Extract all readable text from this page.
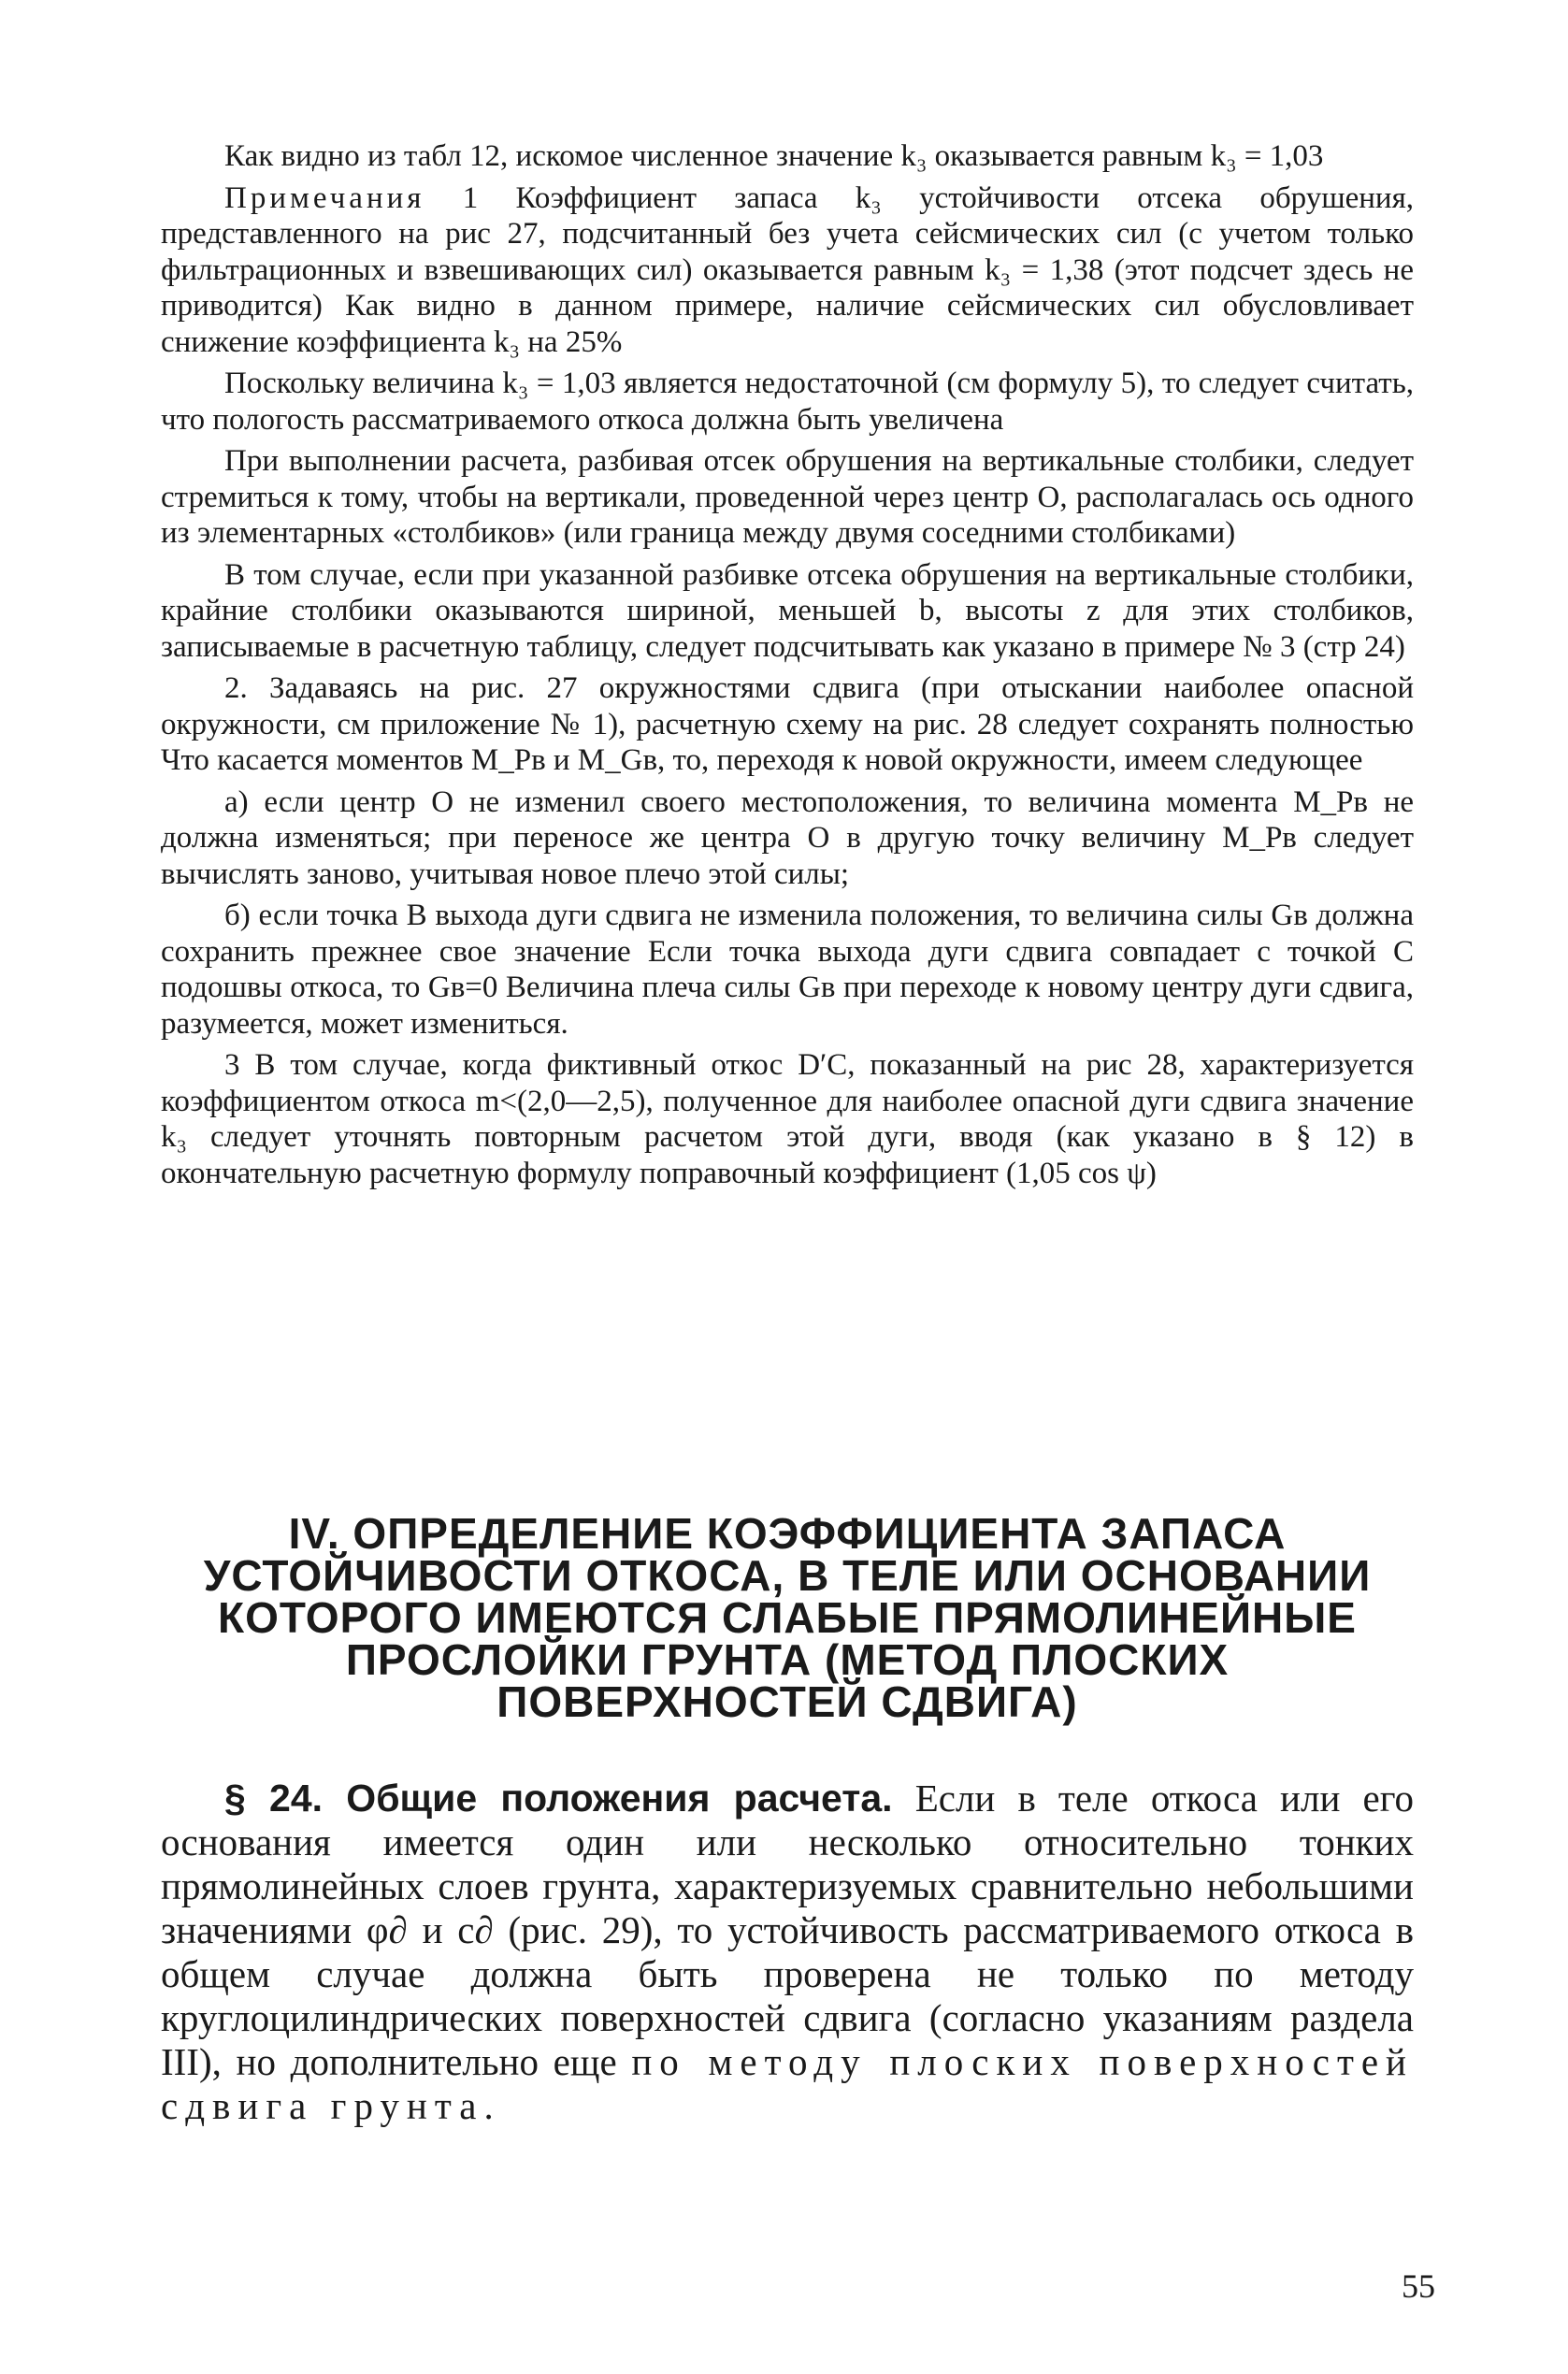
Как видно из табл 12, искомое численное значение k₃ оказывается равным k₃ = 1,03

Примечания 1 Коэффициент запаса k₃ устойчивости отсека обрушения, представленного на рис 27, подсчитанный без учета сейсмических сил (с учетом только фильтрационных и взвешивающих сил) оказывается равным k₃ = 1,38 (этот подсчет здесь не приводится) Как видно в данном примере, наличие сейсмических сил обусловливает снижение коэффициента k₃ на 25%

Поскольку величина k₃ = 1,03 является недостаточной (см формулу 5), то следует считать, что пологость рассматриваемого откоса должна быть увеличена

При выполнении расчета, разбивая отсек обрушения на вертикальные столбики, следует стремиться к тому, чтобы на вертикали, проведенной через центр O, располагалась ось одного из элементарных «столбиков» (или граница между двумя соседними столбиками)

В том случае, если при указанной разбивке отсека обрушения на вертикальные столбики, крайние столбики оказываются шириной, меньшей b, высоты z для этих столбиков, записываемые в расчетную таблицу, следует подсчитывать как указано в примере № 3 (стр 24)

2. Задаваясь на рис. 27 окружностями сдвига (при отыскании наиболее опасной окружности, см приложение № 1), расчетную схему на рис. 28 следует сохранять полностью Что касается моментов M_Pв и M_Gв, то, переходя к новой окружности, имеем следующее

а) если центр O не изменил своего местоположения, то величина момента M_Pв не должна изменяться; при переносе же центра O в другую точку величину M_Pв следует вычислять заново, учитывая новое плечо этой силы;

б) если точка B выхода дуги сдвига не изменила положения, то величина силы Gв должна сохранить прежнее свое значение Если точка выхода дуги сдвига совпадает с точкой C подошвы откоса, то Gв=0 Величина плеча силы Gв при переходе к новому центру дуги сдвига, разумеется, может измениться.

3 В том случае, когда фиктивный откос D′C, показанный на рис 28, характеризуется коэффициентом откоса m<(2,0—2,5), полученное для наиболее опасной дуги сдвига значение k₃ следует уточнять повторным расчетом этой дуги, вводя (как указано в § 12) в окончательную расчетную формулу поправочный коэффициент (1,05 cos ψ)

IV. ОПРЕДЕЛЕНИЕ КОЭФФИЦИЕНТА ЗАПАСА
УСТОЙЧИВОСТИ ОТКОСА, В ТЕЛЕ ИЛИ ОСНОВАНИИ
КОТОРОГО ИМЕЮТСЯ СЛАБЫЕ ПРЯМОЛИНЕЙНЫЕ
ПРОСЛОЙКИ ГРУНТА (МЕТОД ПЛОСКИХ
ПОВЕРХНОСТЕЙ СДВИГА)

§ 24. Общие положения расчета. Если в теле откоса или его основания имеется один или несколько относительно тонких прямолинейных слоев грунта, характеризуемых сравнительно небольшими значениями φ∂ и c∂ (рис. 29), то устойчивость рассматриваемого откоса в общем случае должна быть проверена не только по методу круглоцилиндрических поверхностей сдвига (согласно указаниям раздела III), но дополнительно еще по методу плоских поверхностей сдвига грунта.

55
